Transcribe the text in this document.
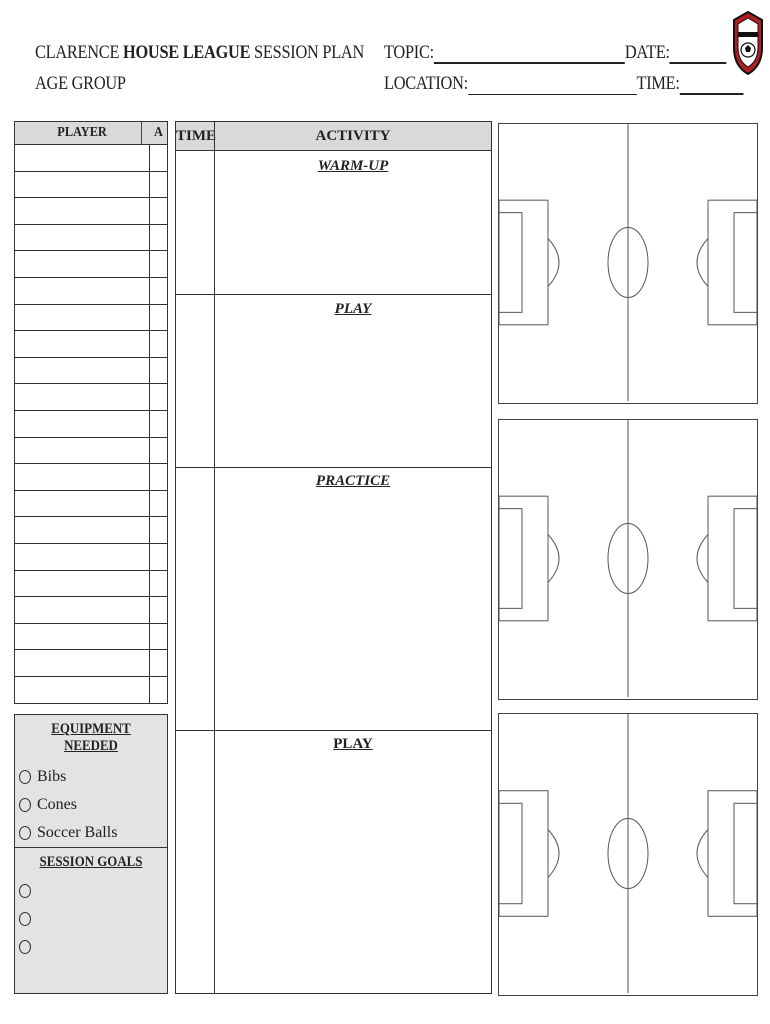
CLARENCE HOUSE LEAGUE SESSION PLAN
AGE GROUP
TOPIC:	DATE:
LOCATION:	TIME:
PLAYER	A
EQUIPMENT NEEDED
Bibs
Cones
Soccer Balls
SESSION GOALS
TIME	ACTIVITY
WARM-UP
PLAY
PRACTICE
PLAY
